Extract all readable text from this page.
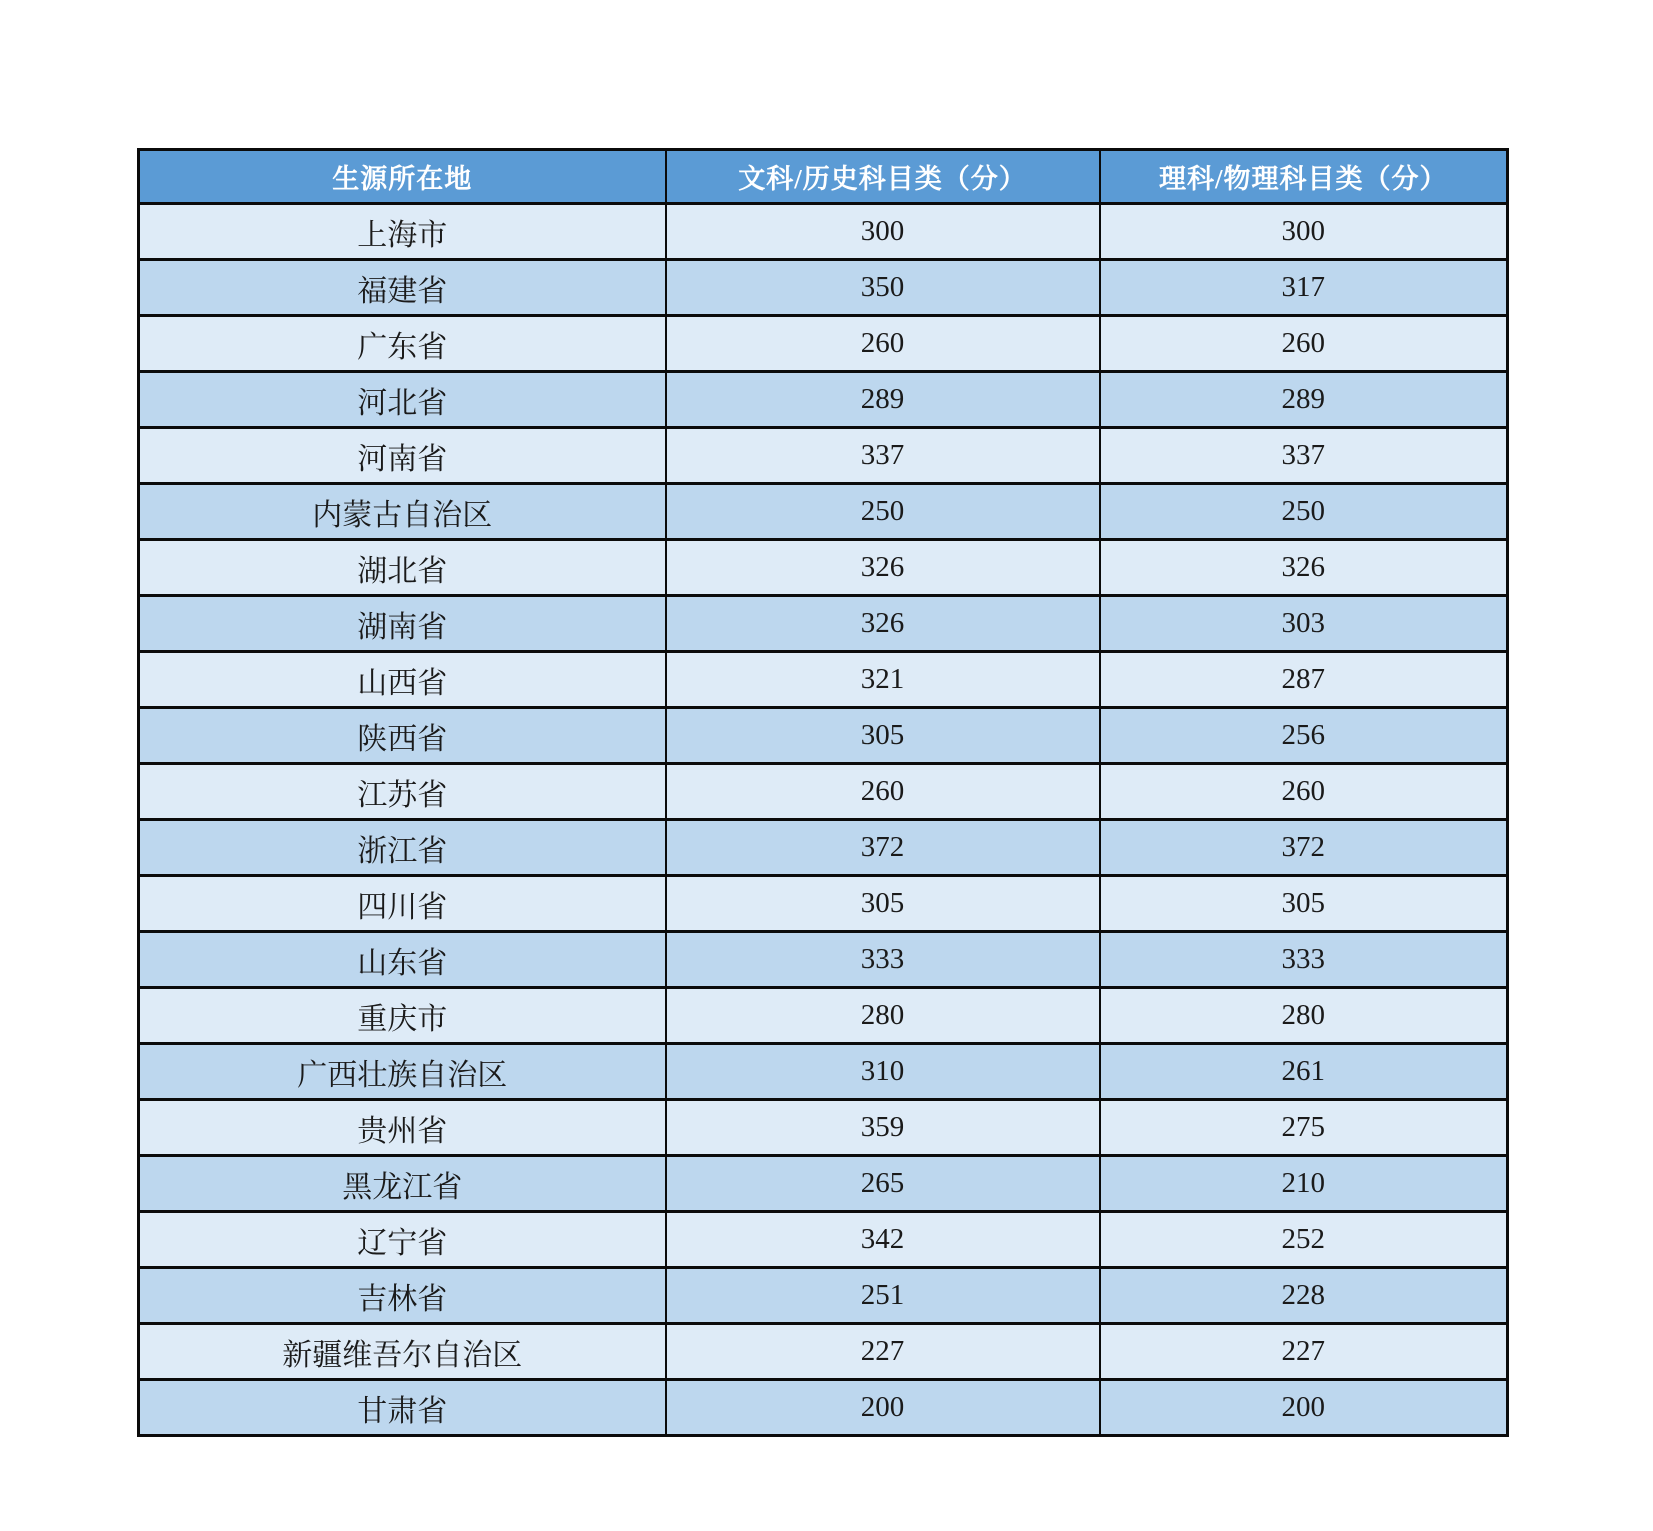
生源所在地	文科/历史科目类（分）	理科/物理科目类（分）
上海市	300	300
福建省	350	317
广东省	260	260
河北省	289	289
河南省	337	337
内蒙古自治区	250	250
湖北省	326	326
湖南省	326	303
山西省	321	287
陕西省	305	256
江苏省	260	260
浙江省	372	372
四川省	305	305
山东省	333	333
重庆市	280	280
广西壮族自治区	310	261
贵州省	359	275
黑龙江省	265	210
辽宁省	342	252
吉林省	251	228
新疆维吾尔自治区	227	227
甘肃省	200	200
